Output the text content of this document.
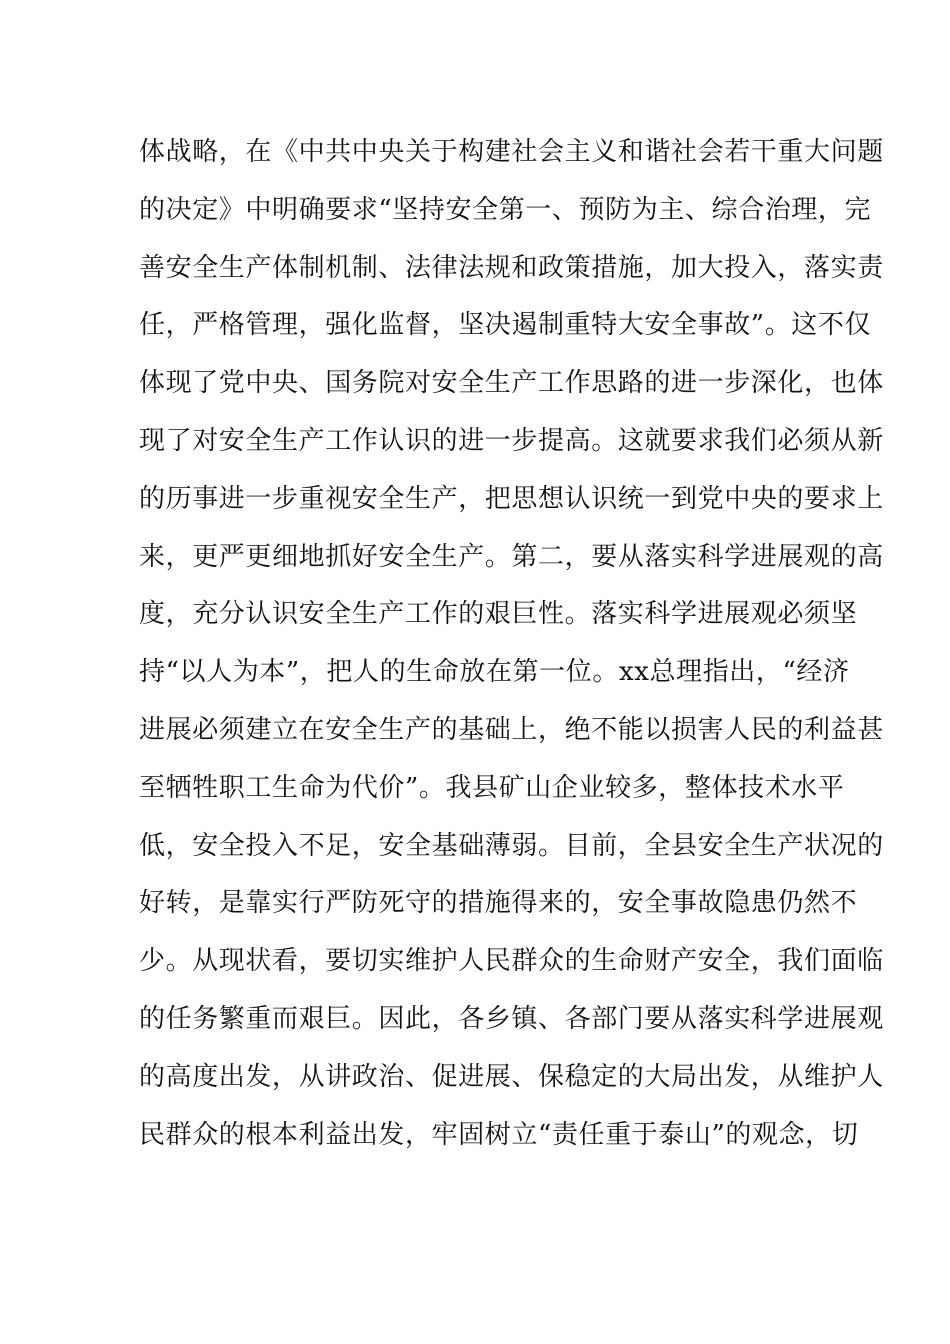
体战略，在《中共中央关于构建社会主义和谐社会若干重大问题
的决定》中明确要求“坚持安全第一、预防为主、综合治理，完
善安全生产体制机制、法律法规和政策措施，加大投入，落实责
任，严格管理，强化监督，坚决遏制重特大安全事故”。这不仅
体现了党中央、国务院对安全生产工作思路的进一步深化，也体
现了对安全生产工作认识的进一步提高。这就要求我们必须从新
的历事进一步重视安全生产，把思想认识统一到党中央的要求上
来，更严更细地抓好安全生产。第二，要从落实科学进展观的高
度，充分认识安全生产工作的艰巨性。落实科学进展观必须坚
持“以人为本”，把人的生命放在第一位。xx总理指出，“经济
进展必须建立在安全生产的基础上，绝不能以损害人民的利益甚
至牺牲职工生命为代价”。我县矿山企业较多，整体技术水平
低，安全投入不足，安全基础薄弱。目前，全县安全生产状况的
好转，是靠实行严防死守的措施得来的，安全事故隐患仍然不
少。从现状看，要切实维护人民群众的生命财产安全，我们面临
的任务繁重而艰巨。因此，各乡镇、各部门要从落实科学进展观
的高度出发，从讲政治、促进展、保稳定的大局出发，从维护人
民群众的根本利益出发，牢固树立“责任重于泰山”的观念，切
